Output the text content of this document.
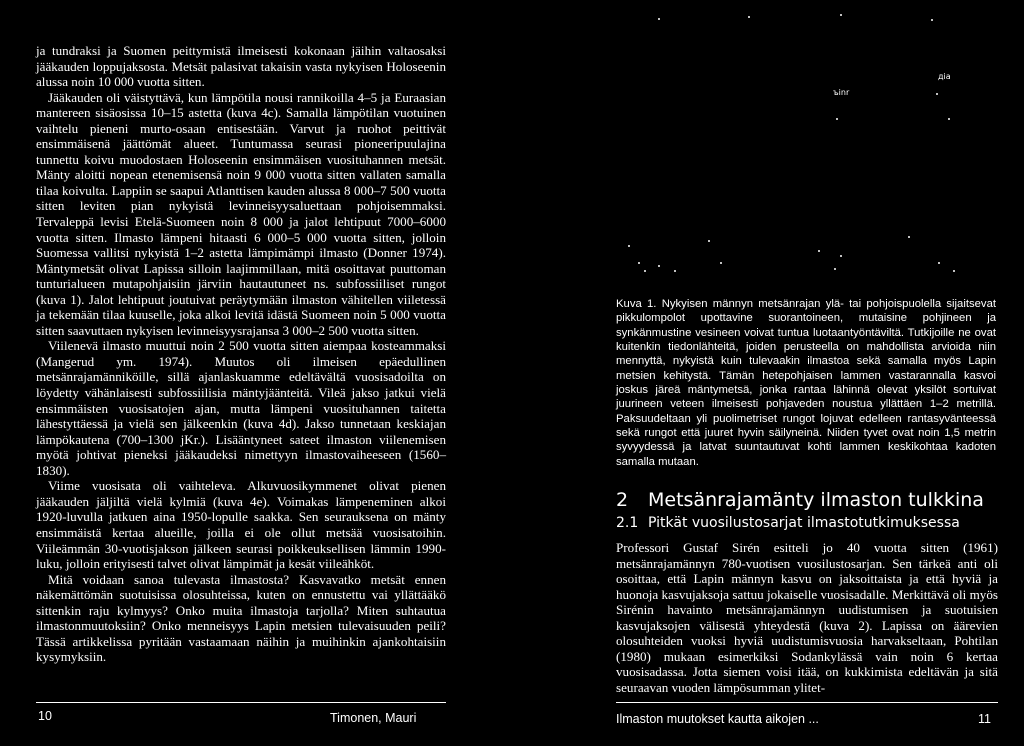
ja tundraksi ja Suomen peittymistä ilmeisesti kokonaan jäihin valtaosaksi jääkauden loppujaksosta. Metsät palasivat takaisin vasta nykyisen Holoseenin alussa noin 10 000 vuotta sitten.

Jääkauden oli väistyttävä, kun lämpötila nousi rannikoilla 4–5 ja Euraasian mantereen sisäosissa 10–15 astetta (kuva 4c). Samalla lämpötilan vuotuinen vaihtelu pieneni murto-osaan entisestään. Varvut ja ruohot peittivät ensimmäisenä jäättömät alueet. Tuntumassa seurasi pioneeripuulajina tunnettu koivu muodostaen Holoseenin ensimmäisen vuosituhannen metsät. Mänty aloitti nopean etenemisensä noin 9 000 vuotta sitten vallaten samalla tilaa koivulta. Lappiin se saapui Atlanttisen kauden alussa 8 000–7 500 vuotta sitten leviten pian nykyistä levinneisyysaluettaan pohjoisemmaksi. Tervaleppä levisi Etelä-Suomeen noin 8 000 ja jalot lehtipuut 7000–6000 vuotta sitten. Ilmasto lämpeni hitaasti 6 000–5 000 vuotta sitten, jolloin Suomessa vallitsi nykyistä 1–2 astetta lämpimämpi ilmasto (Donner 1974). Mäntymetsät olivat Lapissa silloin laajimmillaan, mitä osoittavat puuttoman tunturialueen mutapohjaisiin järviin hautautuneet ns. subfossiiliset rungot (kuva 1). Jalot lehtipuut joutuivat peräytymään ilmaston vähitellen viiletessä ja tekemään tilaa kuuselle, joka alkoi levitä idästä Suomeen noin 5 000 vuotta sitten saavuttaen nykyisen levinneisyysrajansa 3 000–2 500 vuotta sitten.

Viilenevä ilmasto muuttui noin 2 500 vuotta sitten aiempaa kosteammaksi (Mangerud ym. 1974). Muutos oli ilmeisen epäedullinen metsänrajamänniköille, sillä ajanlaskuamme edeltävältä vuosisadoilta on löydetty vähänlaisesti subfossiilisia mäntyjäänteitä. Vileä jakso jatkui vielä ensimmäisten vuosisatojen ajan, mutta lämpeni vuosituhannen taitetta lähestyttäessä ja vielä sen jälkeenkin (kuva 4d). Jakso tunnetaan keskiajan lämpökautena (700–1300 jKr.). Lisääntyneet sateet ilmaston viilenemisen myötä johtivat pieneksi jääkaudeksi nimettyyn ilmastovaiheeseen (1560–1830).

Viime vuosisata oli vaihteleva. Alkuvuosikymmenet olivat pienen jääkauden jäljiltä vielä kylmiä (kuva 4e). Voimakas lämpeneminen alkoi 1920-luvulla jatkuen aina 1950-lopulle saakka. Sen seurauksena on mänty ensimmäistä kertaa alueille, joilla ei ole ollut metsää vuosisatoihin. Viileämmän 30-vuotisjakson jälkeen seurasi poikkeuksellisen lämmin 1990-luku, jolloin erityisesti talvet olivat lämpimät ja kesät viileähköt.

Mitä voidaan sanoa tulevasta ilmastosta? Kasvavatko metsät ennen näkemättömän suotuisissa olosuhteissa, kuten on ennustettu vai yllättääkö sittenkin raju kylmyys? Onko muita ilmastoja tarjolla? Miten suhtautua ilmastonmuutoksiin? Onko menneisyys Lapin metsien tulevaisuuden peili? Tässä artikkelissa pyritään vastaamaan näihin ja muihinkin ajankohtaisiin kysymyksiin.

10	Timonen, Mauri
дia
ъinr
Kuva 1. Nykyisen männyn metsänrajan ylä- tai pohjoispuolella sijaitsevat pikkulompolot upottavine suorantoineen, mutaisine pohjineen ja synkänmustine vesineen voivat tuntua luotaantyöntäviltä. Tutkijoille ne ovat kuitenkin tiedonlähteitä, joiden perusteella on mahdollista arvioida niin mennyttä, nykyistä kuin tulevaakin ilmastoa sekä samalla myös Lapin metsien kehitystä. Tämän hetepohjaisen lammen vastarannalla kasvoi joskus järeä mäntymetsä, jonka rantaa lähinnä olevat yksilöt sortuivat juurineen veteen ilmeisesti pohjaveden noustua yllättäen 1–2 metrillä. Paksuudeltaan yli puolimetriset rungot lojuvat edelleen rantasyvänteessä sekä rungot että juuret hyvin säilyneinä. Niiden tyvet ovat noin 1,5 metrin syvyydessä ja latvat suuntautuvat kohti lammen keskikohtaa kadoten samalla mutaan.
2 Metsänrajamänty ilmaston tulkkina
2.1 Pitkät vuosilustosarjat ilmastotutkimuksessa

Professori Gustaf Sirén esitteli jo 40 vuotta sitten (1961) metsänrajamännyn 780-vuotisen vuosilustosarjan. Sen tärkeä anti oli osoittaa, että Lapin männyn kasvu on jaksoittaista ja että hyviä ja huonoja kasvujaksoja sattuu jokaiselle vuosisadalle. Merkittävä oli myös Sirénin havainto metsänrajamännyn uudistumisen ja suotuisien kasvujaksojen välisestä yhteydestä (kuva 2). Lapissa on äärevien olosuhteiden vuoksi hyviä uudistumisvuosia harvakseltaan, Pohtilan (1980) mukaan esimerkiksi Sodankylässä vain noin 6 kertaa vuosisadassa. Jotta siemen voisi itää, on kukkimista edeltävän ja sitä seuraavan vuoden lämpösumman ylitet-

Ilmaston muutokset kautta aikojen ...	11
